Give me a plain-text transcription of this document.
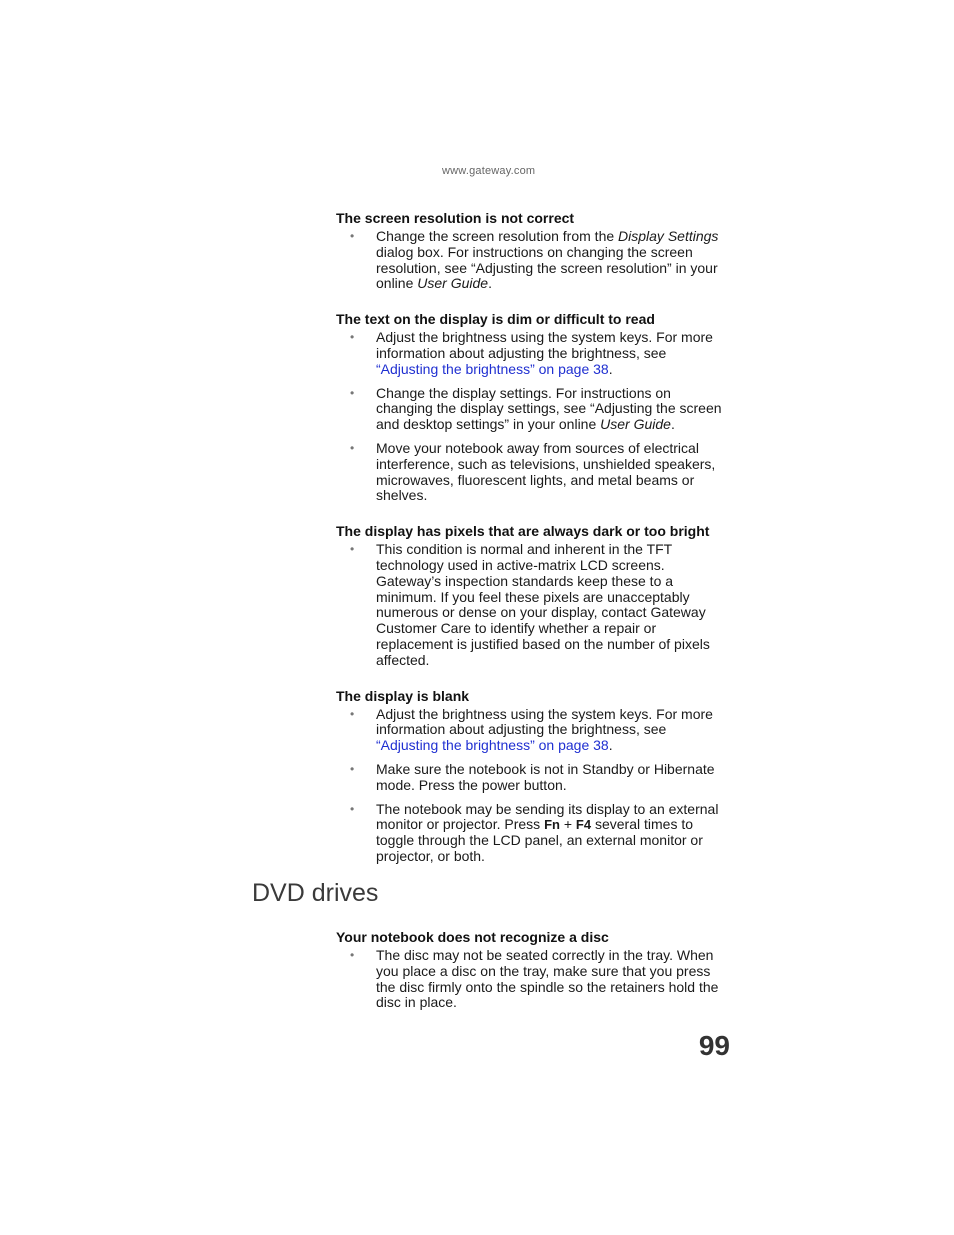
www.gateway.com
The screen resolution is not correct
• Change the screen resolution from the Display Settings dialog box. For instructions on changing the screen resolution, see “Adjusting the screen resolution” in your online User Guide.
The text on the display is dim or difficult to read
• Adjust the brightness using the system keys. For more information about adjusting the brightness, see “Adjusting the brightness” on page 38.
• Change the display settings. For instructions on changing the display settings, see “Adjusting the screen and desktop settings” in your online User Guide.
• Move your notebook away from sources of electrical interference, such as televisions, unshielded speakers, microwaves, fluorescent lights, and metal beams or shelves.
The display has pixels that are always dark or too bright
• This condition is normal and inherent in the TFT technology used in active-matrix LCD screens. Gateway’s inspection standards keep these to a minimum. If you feel these pixels are unacceptably numerous or dense on your display, contact Gateway Customer Care to identify whether a repair or replacement is justified based on the number of pixels affected.
The display is blank
• Adjust the brightness using the system keys. For more information about adjusting the brightness, see “Adjusting the brightness” on page 38.
• Make sure the notebook is not in Standby or Hibernate mode. Press the power button.
• The notebook may be sending its display to an external monitor or projector. Press Fn + F4 several times to toggle through the LCD panel, an external monitor or projector, or both.
DVD drives
Your notebook does not recognize a disc
• The disc may not be seated correctly in the tray. When you place a disc on the tray, make sure that you press the disc firmly onto the spindle so the retainers hold the disc in place.
99
